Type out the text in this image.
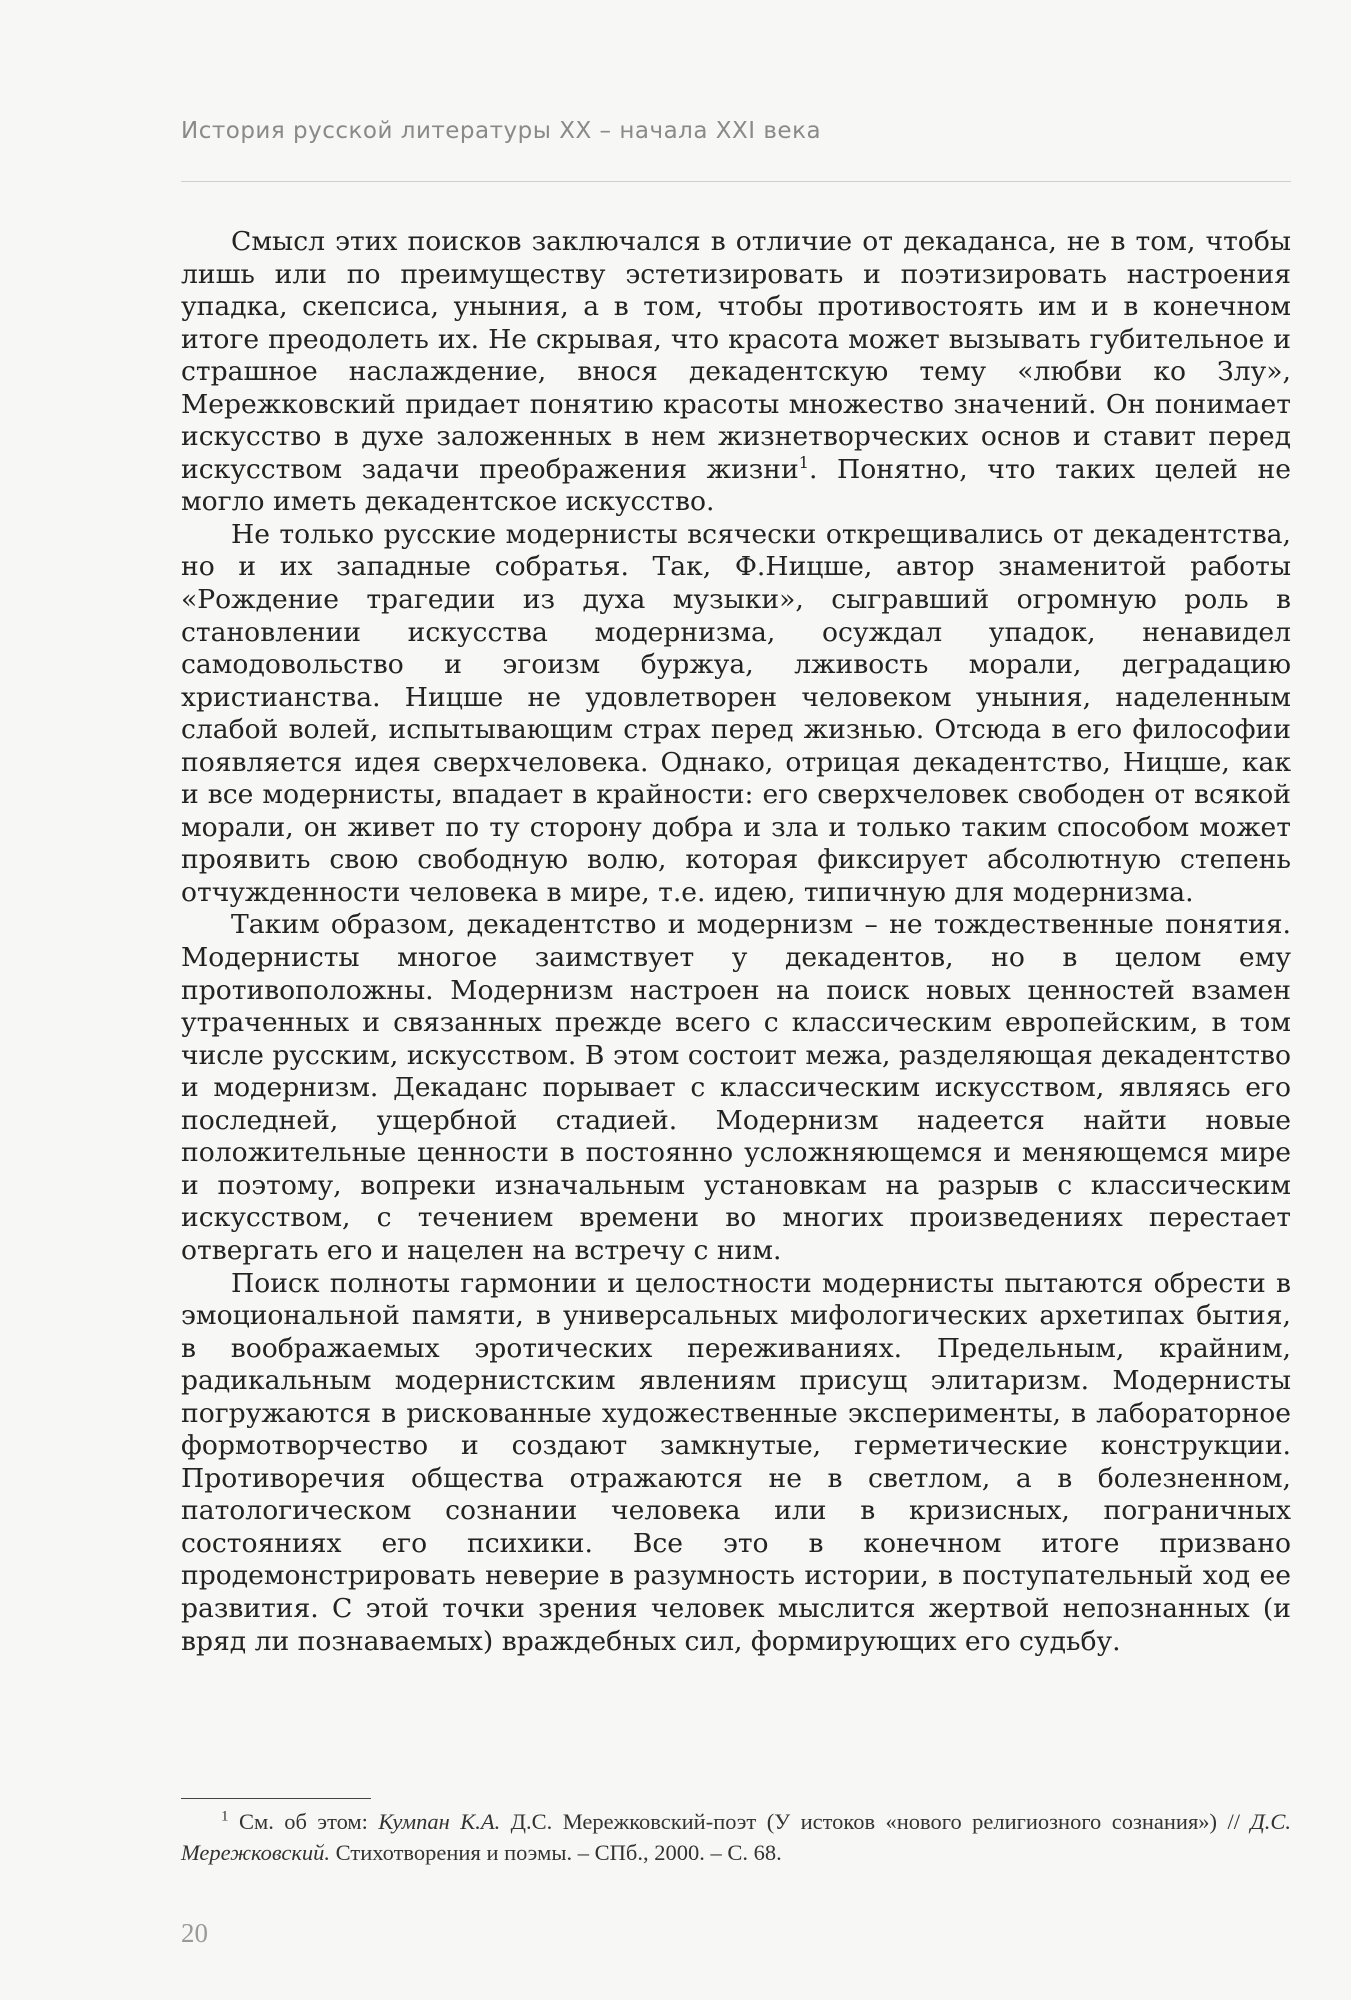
История русской литературы XX – начала XXI века

Смысл этих поисков заключался в отличие от декаданса, не в том, чтобы лишь или по преимуществу эстетизировать и поэтизировать настроения упадка, скепсиса, уныния, а в том, чтобы противостоять им и в конечном итоге преодолеть их. Не скрывая, что красота может вызывать губительное и страшное наслаждение, внося декадентскую тему «любви ко Злу», Мережковский придает понятию красоты множество значений. Он понимает искусство в духе заложенных в нем жизнетворческих основ и ставит перед искусством задачи преображения жизни$^1$. Понятно, что таких целей не могло иметь декадентское искусство.

Не только русские модернисты всячески открещивались от декадентства, но и их западные собратья. Так, Ф.Ницше, автор знаменитой работы «Рождение трагедии из духа музыки», сыгравший огромную роль в становлении искусства модернизма, осуждал упадок, ненавидел самодовольство и эгоизм буржуа, лживость морали, деградацию христианства. Ницше не удовлетворен человеком уныния, наделенным слабой волей, испытывающим страх перед жизнью. Отсюда в его философии появляется идея сверхчеловека. Однако, отрицая декадентство, Ницше, как и все модернисты, впадает в крайности: его сверхчеловек свободен от всякой морали, он живет по ту сторону добра и зла и только таким способом может проявить свою свободную волю, которая фиксирует абсолютную степень отчужденности человека в мире, т.е. идею, типичную для модернизма.

Таким образом, декадентство и модернизм – не тождественные понятия. Модернисты многое заимствует у декадентов, но в целом ему противоположны. Модернизм настроен на поиск новых ценностей взамен утраченных и связанных прежде всего с классическим европейским, в том числе русским, искусством. В этом состоит межа, разделяющая декадентство и модернизм. Декаданс порывает с классическим искусством, являясь его последней, ущербной стадией. Модернизм надеется найти новые положительные ценности в постоянно усложняющемся и меняющемся мире и поэтому, вопреки изначальным установкам на разрыв с классическим искусством, с течением времени во многих произведениях перестает отвергать его и нацелен на встречу с ним.

Поиск полноты гармонии и целостности модернисты пытаются обрести в эмоциональной памяти, в универсальных мифологических архетипах бытия, в воображаемых эротических переживаниях. Предельным, крайним, радикальным модернистским явлениям присущ элитаризм. Модернисты погружаются в рискованные художественные эксперименты, в лабораторное формотворчество и создают замкнутые, герметические конструкции. Противоречия общества отражаются не в светлом, а в болезненном, патологическом сознании человека или в кризисных, пограничных состояниях его психики. Все это в конечном итоге призвано продемонстрировать неверие в разумность истории, в поступательный ход ее развития. С этой точки зрения человек мыслится жертвой непознанных (и вряд ли познаваемых) враждебных сил, формирующих его судьбу.

$^1$ См. об этом: Кумпан К.А. Д.С. Мережковский-поэт (У истоков «нового религиозного сознания») // Д.С. Мережковский. Стихотворения и поэмы. – СПб., 2000. – С. 68.
20
